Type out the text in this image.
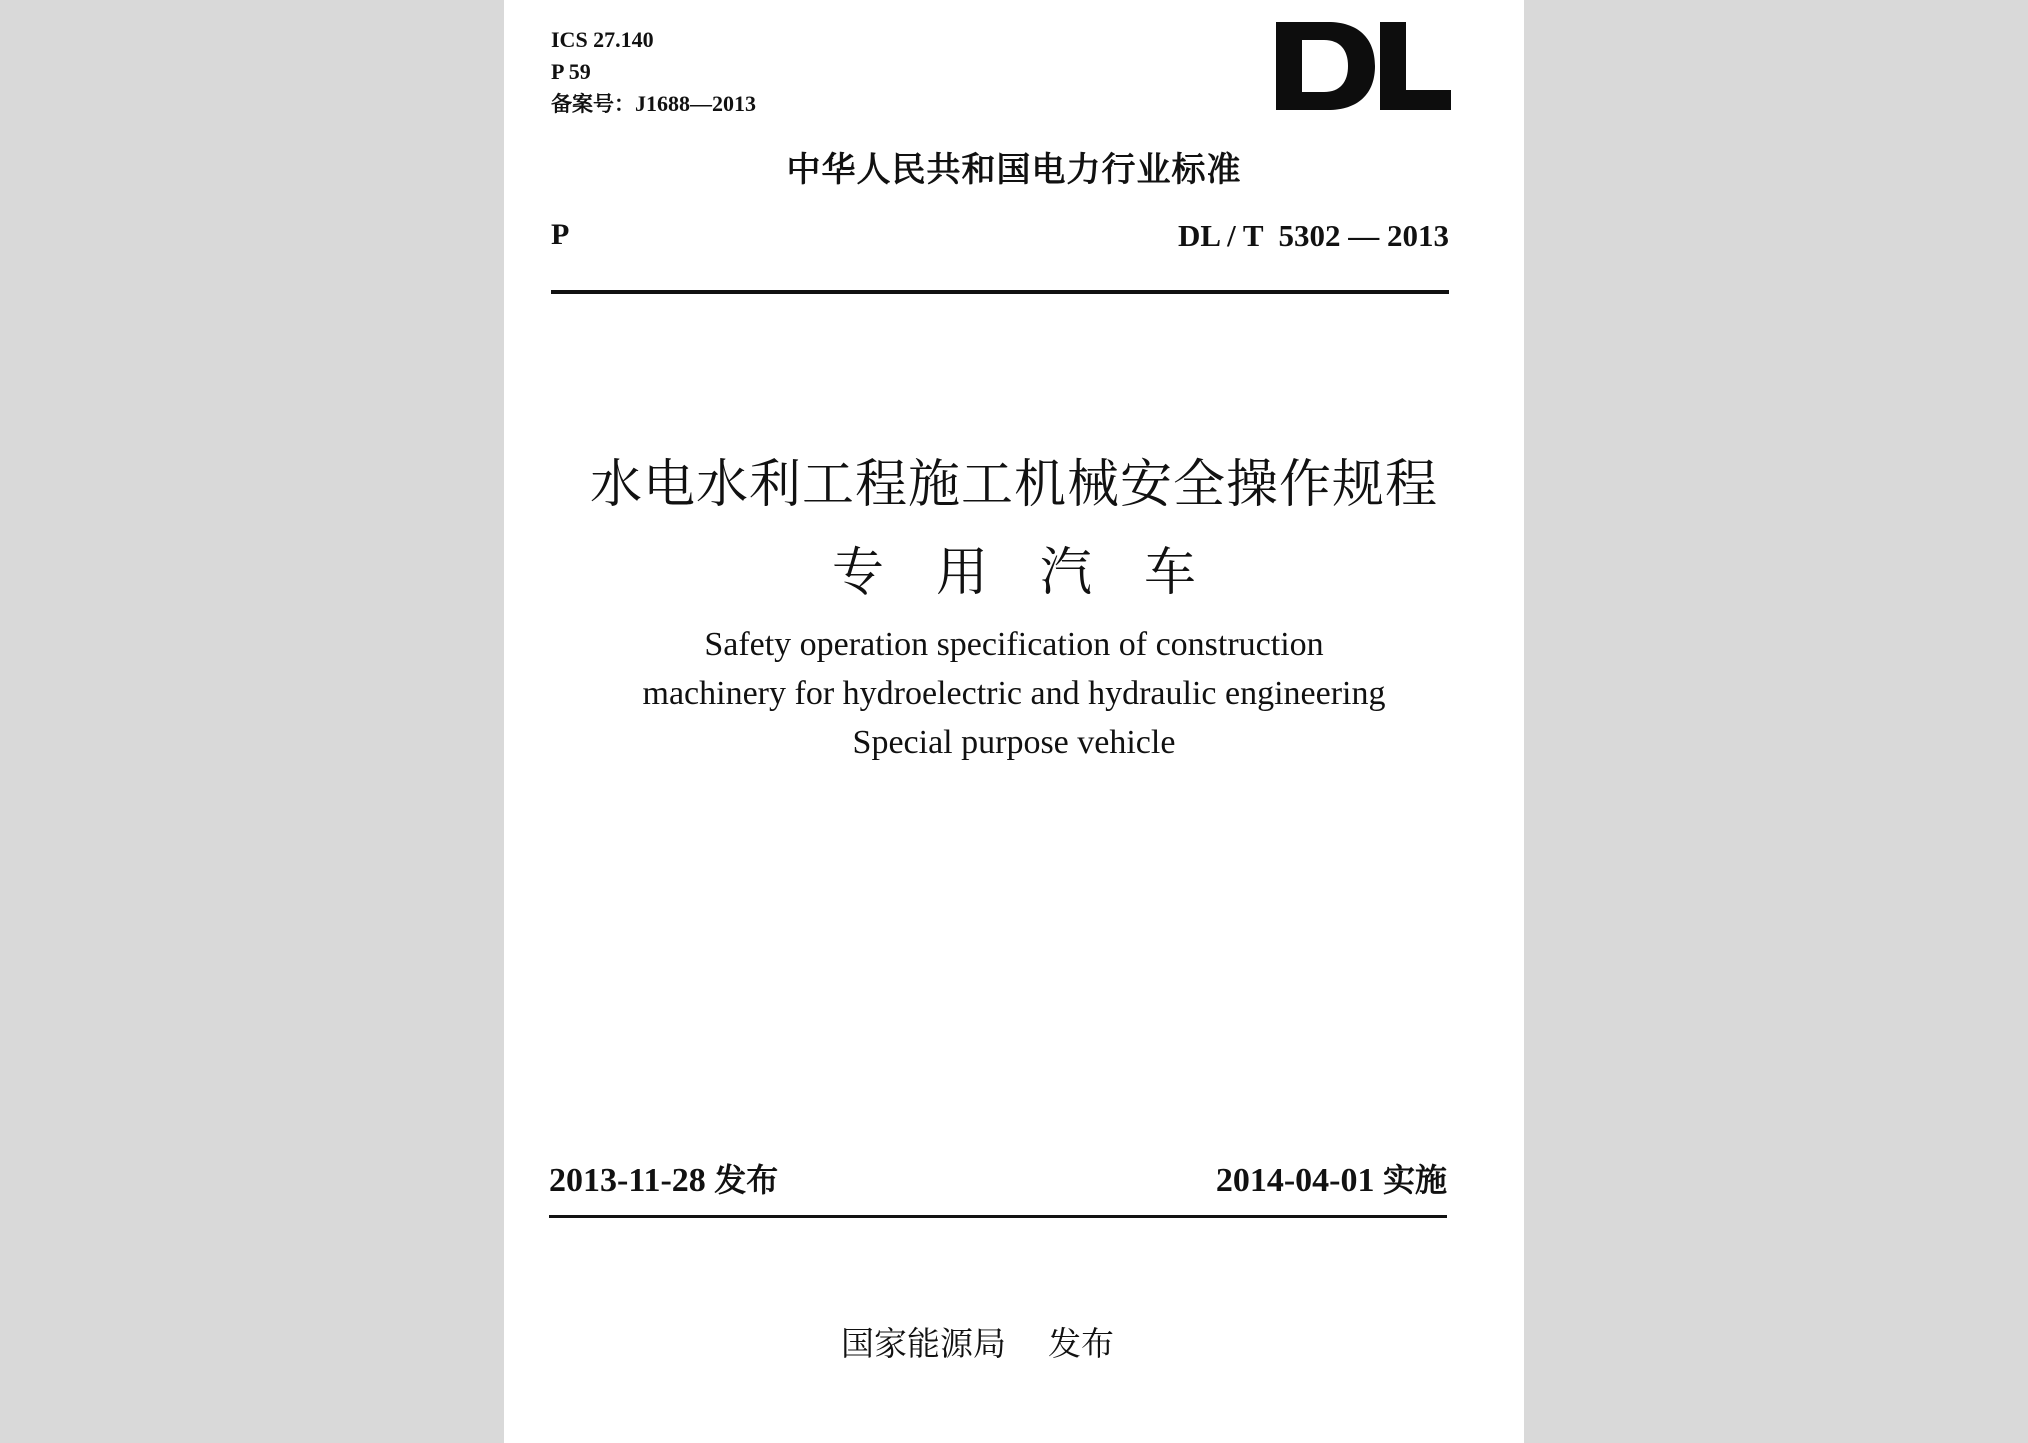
ICS 27.140
P 59
备案号：J1688—2013
中华人民共和国电力行业标准
P	DL / T  5302 — 2013
水电水利工程施工机械安全操作规程
专　用　汽　车
Safety operation specification of construction
machinery for hydroelectric and hydraulic engineering
Special purpose vehicle
2013-11-28 发布	2014-04-01 实施
国家能源局 发布
